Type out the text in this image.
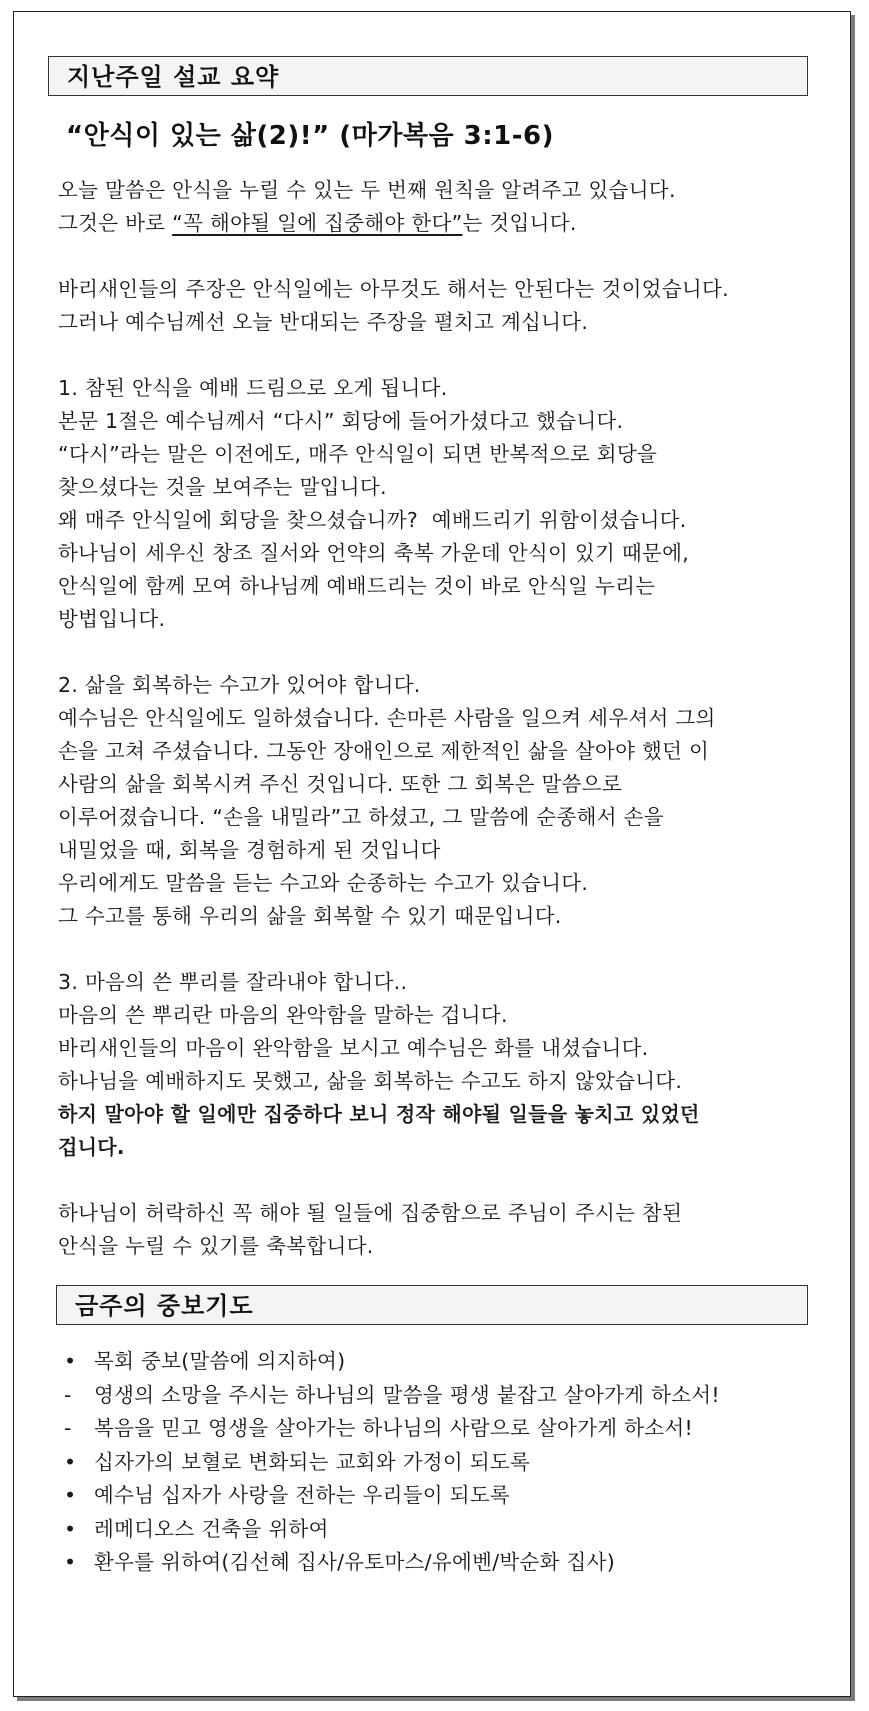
지난주일 설교 요약
“안식이 있는 삶(2)!” (마가복음 3:1-6)

오늘 말씀은 안식을 누릴 수 있는 두 번째 원칙을 알려주고 있습니다.

그것은 바로 “꼭 해야될 일에 집중해야 한다”는 것입니다.

바리새인들의 주장은 안식일에는 아무것도 해서는 안된다는 것이었습니다.

그러나 예수님께선 오늘 반대되는 주장을 펼치고 계십니다.

1. 참된 안식을 예배 드림으로 오게 됩니다.

본문 1절은 예수님께서 “다시” 회당에 들어가셨다고 했습니다.

“다시”라는 말은 이전에도, 매주 안식일이 되면 반복적으로 회당을

찾으셨다는 것을 보여주는 말입니다.

왜 매주 안식일에 회당을 찾으셨습니까?  예배드리기 위함이셨습니다.

하나님이 세우신 창조 질서와 언약의 축복 가운데 안식이 있기 때문에,

안식일에 함께 모여 하나님께 예배드리는 것이 바로 안식일 누리는

방법입니다.

2. 삶을 회복하는 수고가 있어야 합니다.

예수님은 안식일에도 일하셨습니다. 손마른 사람을 일으켜 세우셔서 그의

손을 고쳐 주셨습니다. 그동안 장애인으로 제한적인 삶을 살아야 했던 이

사람의 삶을 회복시켜 주신 것입니다. 또한 그 회복은 말씀으로

이루어졌습니다. “손을 내밀라”고 하셨고, 그 말씀에 순종해서 손을

내밀었을 때, 회복을 경험하게 된 것입니다

우리에게도 말씀을 듣는 수고와 순종하는 수고가 있습니다.

그 수고를 통해 우리의 삶을 회복할 수 있기 때문입니다.

3. 마음의 쓴 뿌리를 잘라내야 합니다..

마음의 쓴 뿌리란 마음의 완악함을 말하는 겁니다.

바리새인들의 마음이 완악함을 보시고 예수님은 화를 내셨습니다.

하나님을 예배하지도 못했고, 삶을 회복하는 수고도 하지 않았습니다.

하지 말아야 할 일에만 집중하다 보니 정작 해야될 일들을 놓치고 있었던

겁니다.

하나님이 허락하신 꼭 해야 될 일들에 집중함으로 주님이 주시는 참된

안식을 누릴 수 있기를 축복합니다.

금주의 중보기도
• 목회 중보(말씀에 의지하여)
-	영생의 소망을 주시는 하나님의 말씀을 평생 붙잡고 살아가게 하소서!
-	복음을 믿고 영생을 살아가는 하나님의 사람으로 살아가게 하소서!
• 십자가의 보혈로 변화되는 교회와 가정이 되도록
• 예수님 십자가 사랑을 전하는 우리들이 되도록
• 레메디오스 건축을 위하여
• 환우를 위하여(김선혜 집사/유토마스/유에벤/박순화 집사)
